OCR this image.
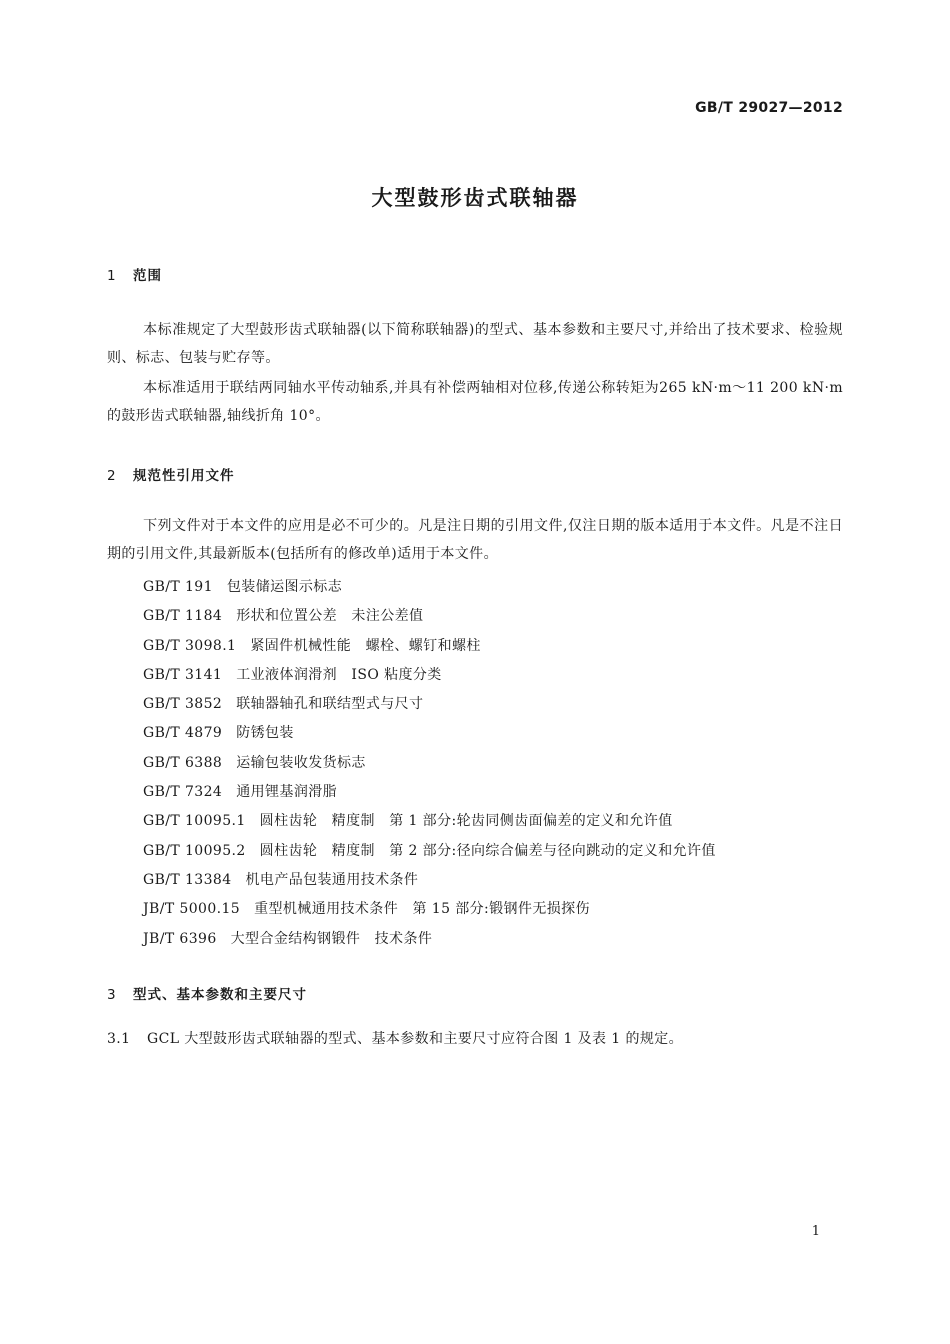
GB/T 29027—2012
大型鼓形齿式联轴器
1 范围
本标准规定了大型鼓形齿式联轴器(以下简称联轴器)的型式、基本参数和主要尺寸,并给出了技术要求、检验规则、标志、包装与贮存等。
本标准适用于联结两同轴水平传动轴系,并具有补偿两轴相对位移,传递公称转矩为265 kN·m～11 200 kN·m 的鼓形齿式联轴器,轴线折角 10°。
2 规范性引用文件
下列文件对于本文件的应用是必不可少的。凡是注日期的引用文件,仅注日期的版本适用于本文件。凡是不注日期的引用文件,其最新版本(包括所有的修改单)适用于本文件。
GB/T 191 包装储运图示标志
GB/T 1184 形状和位置公差　未注公差值
GB/T 3098.1 紧固件机械性能　螺栓、螺钉和螺柱
GB/T 3141 工业液体润滑剂　ISO 粘度分类
GB/T 3852 联轴器轴孔和联结型式与尺寸
GB/T 4879 防锈包装
GB/T 6388 运输包装收发货标志
GB/T 7324 通用锂基润滑脂
GB/T 10095.1 圆柱齿轮　精度制　第 1 部分:轮齿同侧齿面偏差的定义和允许值
GB/T 10095.2 圆柱齿轮　精度制　第 2 部分:径向综合偏差与径向跳动的定义和允许值
GB/T 13384 机电产品包装通用技术条件
JB/T 5000.15 重型机械通用技术条件　第 15 部分:锻钢件无损探伤
JB/T 6396 大型合金结构钢锻件　技术条件
3 型式、基本参数和主要尺寸
3.1 GCL 大型鼓形齿式联轴器的型式、基本参数和主要尺寸应符合图 1 及表 1 的规定。
1
